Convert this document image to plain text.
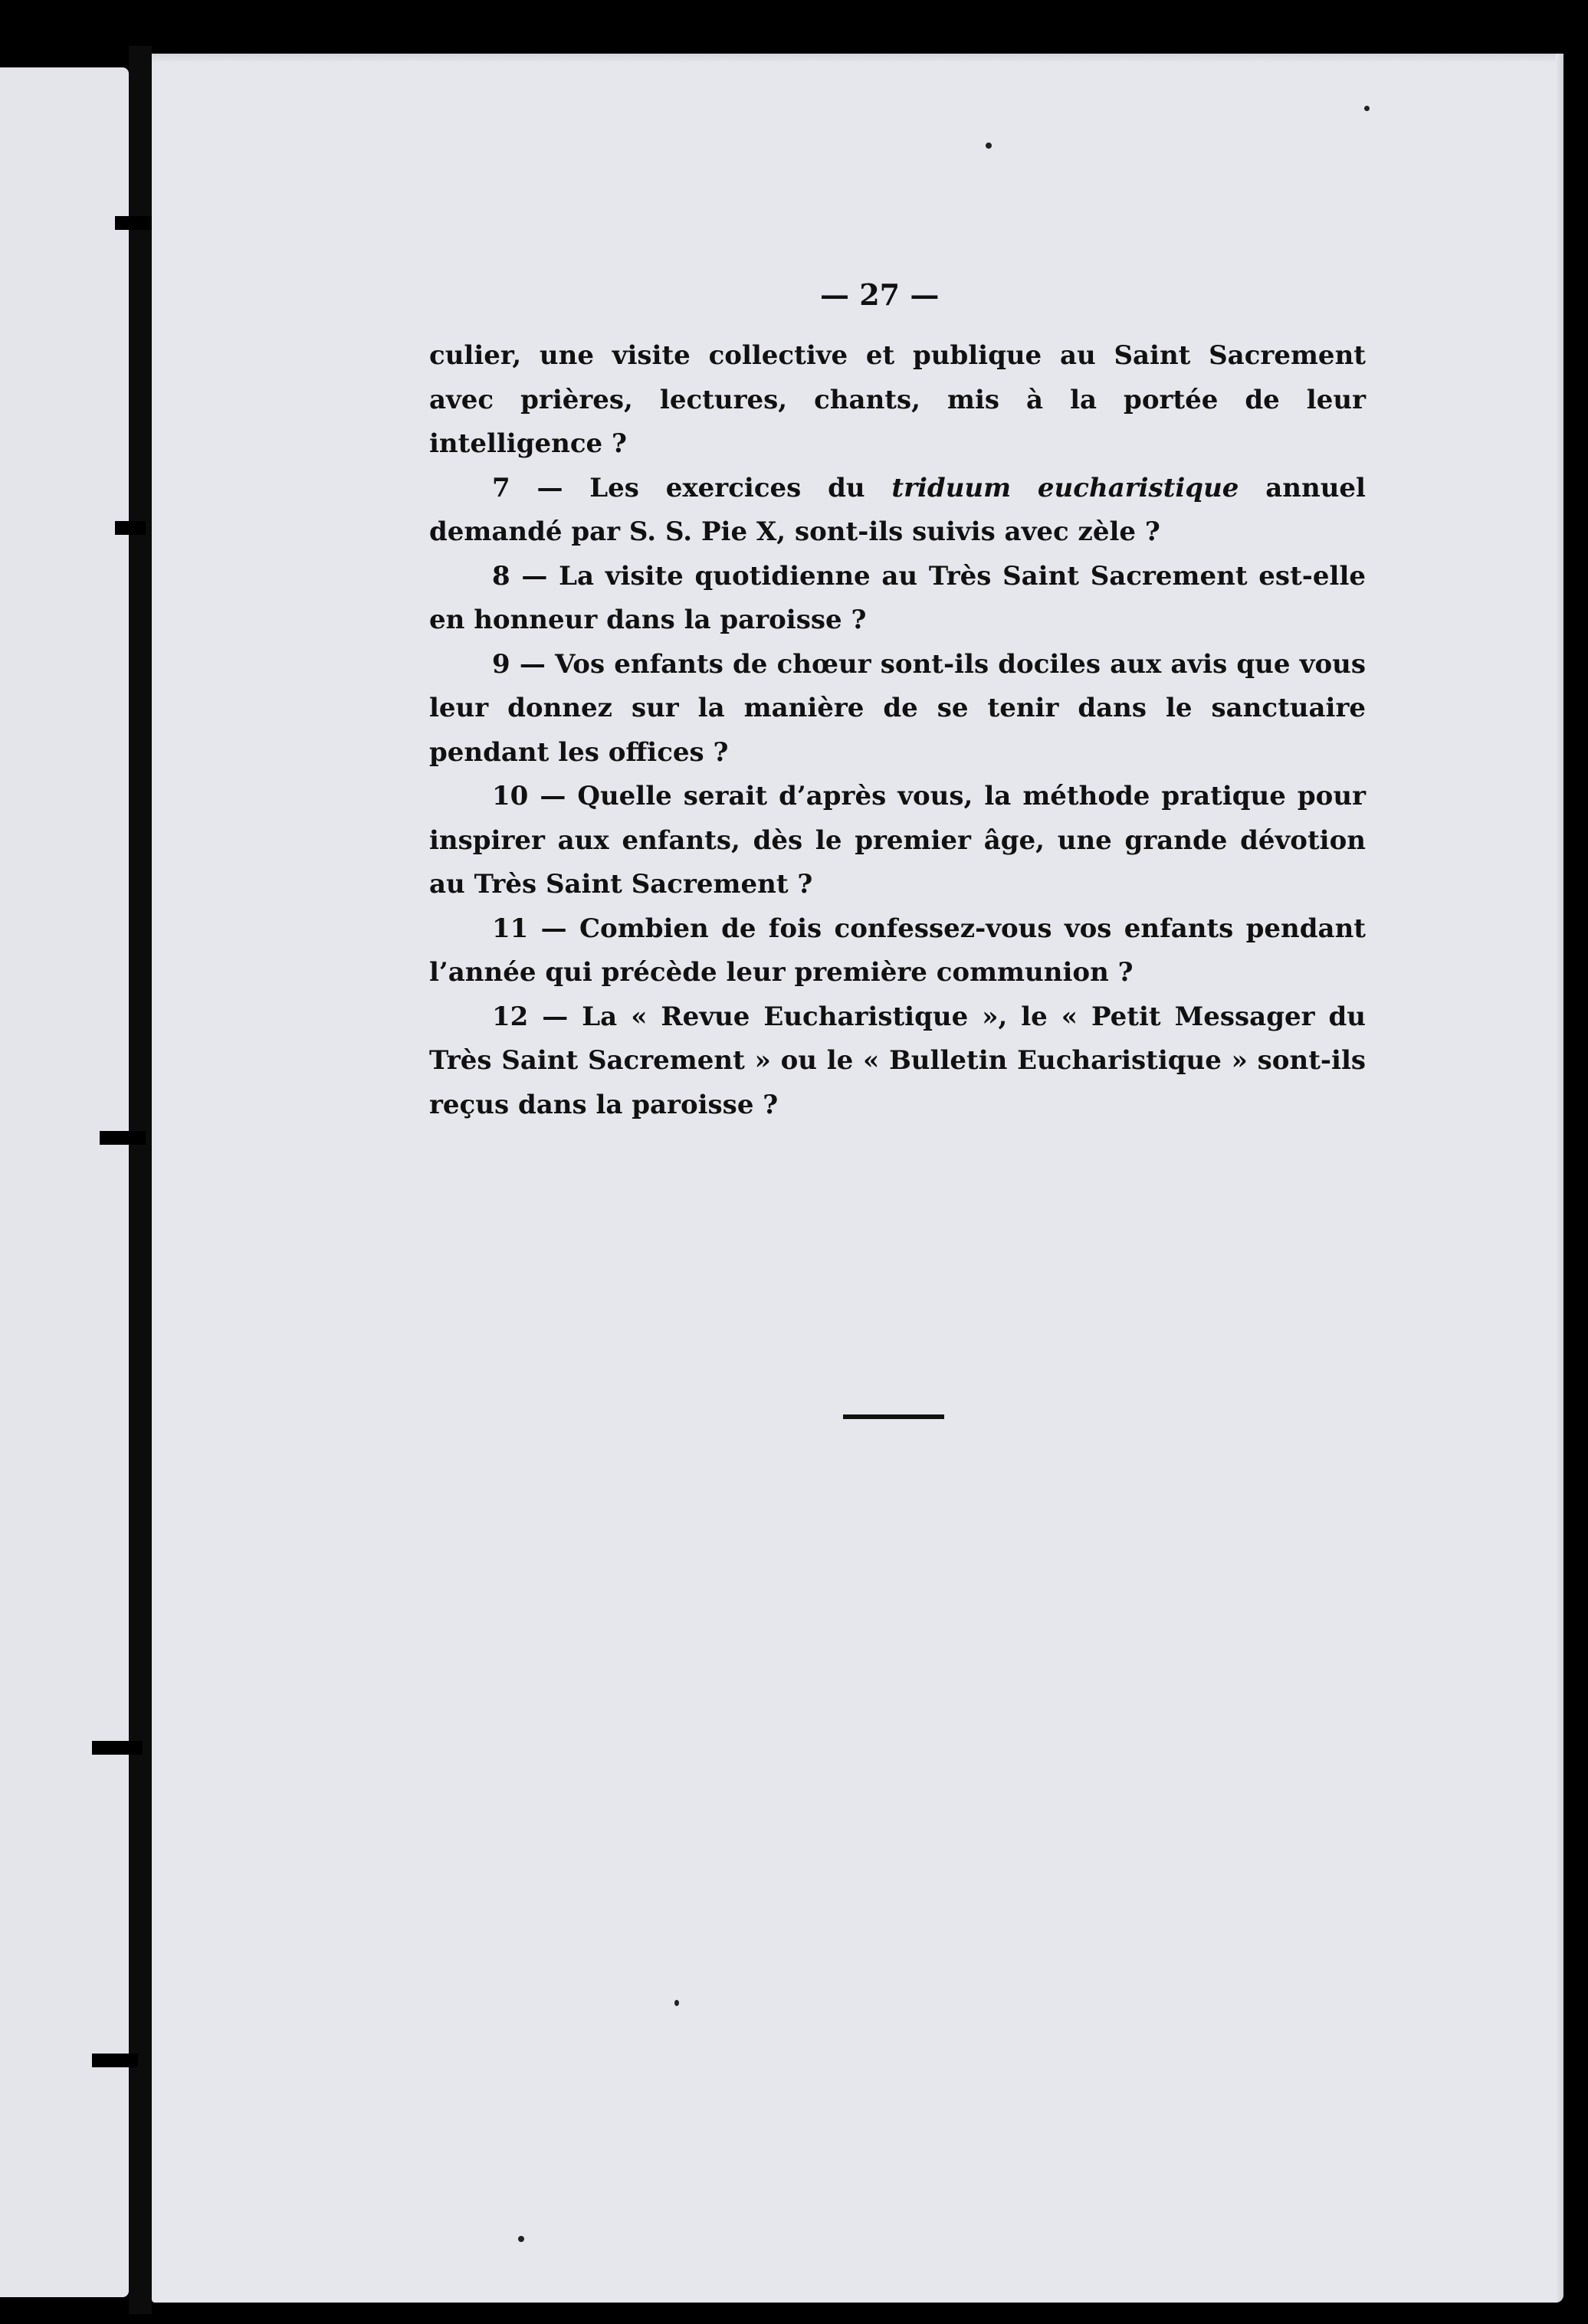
— 27 —

culier, une visite collective et publique au Saint Sacrement avec prières, lectures, chants, mis à la portée de leur intelligence ?

7 — Les exercices du triduum eucharistique annuel demandé par S. S. Pie X, sont-ils suivis avec zèle ?

8 — La visite quotidienne au Très Saint Sacrement est-elle en honneur dans la paroisse ?

9 — Vos enfants de chœur sont-ils dociles aux avis que vous leur donnez sur la manière de se tenir dans le sanctuaire pendant les offices ?

10 — Quelle serait d’après vous, la méthode pratique pour inspirer aux enfants, dès le premier âge, une grande dévotion au Très Saint Sacrement ?

11 — Combien de fois confessez-vous vos enfants pendant l’année qui précède leur première communion ?

12 — La « Revue Eucharistique », le « Petit Messager du Très Saint Sacrement » ou le « Bulletin Eucharistique » sont-ils reçus dans la paroisse ?
